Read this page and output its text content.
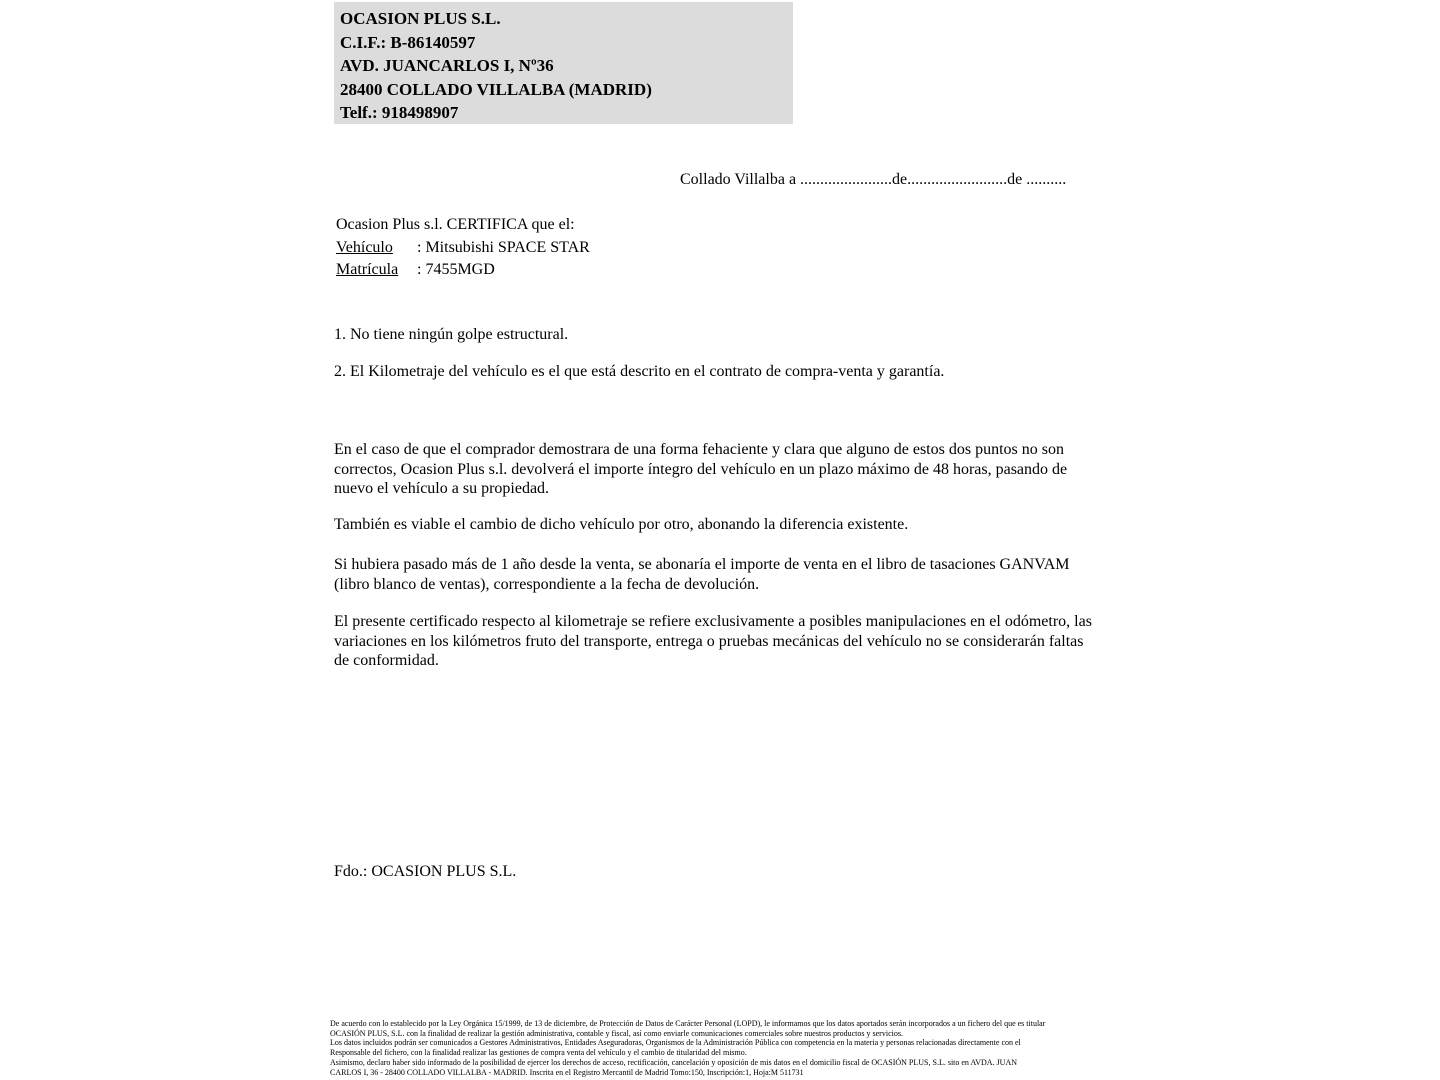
OCASION PLUS S.L.
C.I.F.: B-86140597
AVD. JUANCARLOS I, Nº36
28400 COLLADO VILLALBA (MADRID)
Telf.: 918498907
Collado Villalba a .......................de.........................de ..........
Ocasion Plus s.l. CERTIFICA que el:
Vehículo	: Mitsubishi SPACE STAR
Matrícula	: 7455MGD
1. No tiene ningún golpe estructural.
2. El Kilometraje del vehículo es el que está descrito en el contrato de compra-venta y garantía.
En el caso de que el comprador demostrara de una forma fehaciente y clara que alguno de estos dos puntos no son correctos, Ocasion Plus s.l. devolverá el importe íntegro del vehículo en un plazo máximo de 48 horas, pasando de nuevo el vehículo a su propiedad.
También es viable el cambio de dicho vehículo por otro, abonando la diferencia existente.
Si hubiera pasado más de 1 año desde la venta, se abonaría el importe de venta en el libro de tasaciones GANVAM (libro blanco de ventas), correspondiente a la fecha de devolución.
El presente certificado respecto al kilometraje se refiere exclusivamente a posibles manipulaciones en el odómetro, las variaciones en los kilómetros fruto del transporte, entrega o pruebas mecánicas del vehículo no se considerarán faltas de conformidad.
Fdo.: OCASION PLUS S.L.
De acuerdo con lo establecido por la Ley Orgánica 15/1999, de 13 de diciembre, de Protección de Datos de Carácter Personal (LOPD), le informamos que los datos aportados serán incorporados a un fichero del que es titular
OCASIÓN PLUS, S.L. con la finalidad de realizar la gestión administrativa, contable y fiscal, así como enviarle comunicaciones comerciales sobre nuestros productos y servicios.
Los datos incluidos podrán ser comunicados a Gestores Administrativos, Entidades Aseguradoras, Organismos de la Administración Pública con competencia en la materia y personas relacionadas directamente con el
Responsable del fichero, con la finalidad realizar las gestiones de compra venta del vehículo y el cambio de titularidad del mismo.
Asimismo, declaro haber sido informado de la posibilidad de ejercer los derechos de acceso, rectificación, cancelación y oposición de mis datos en el domicilio fiscal de OCASIÓN PLUS, S.L. sito en AVDA. JUAN
CARLOS I, 36 - 28400 COLLADO VILLALBA - MADRID. Inscrita en el Registro Mercantil de Madrid Tomo:150, Inscripción:1, Hoja:M 511731
